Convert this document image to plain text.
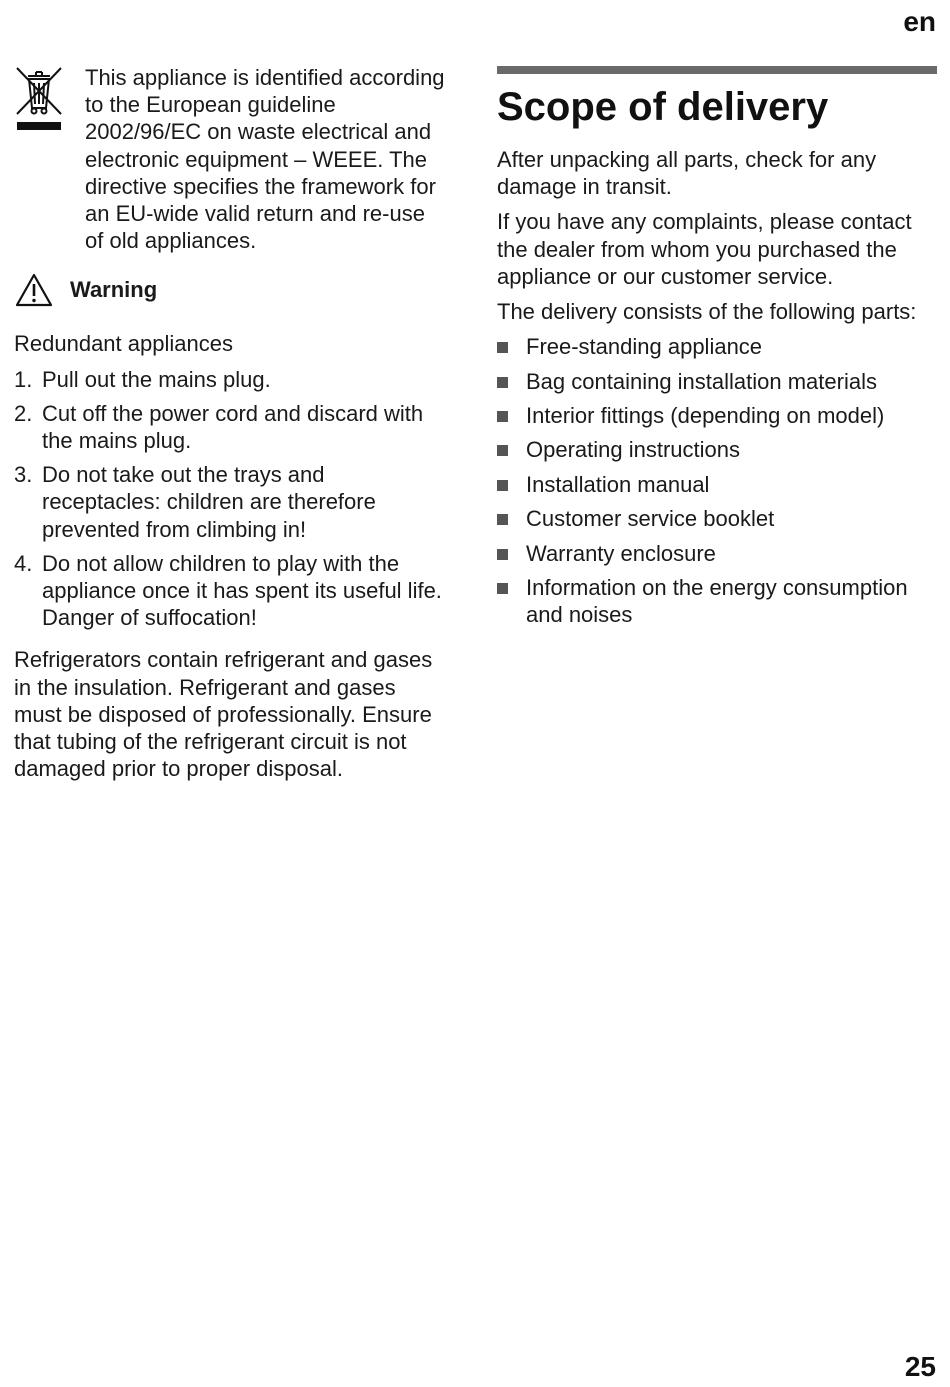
en
This appliance is identified according to the European guideline 2002/96/EC on waste electrical and electronic equipment – WEEE. The directive specifies the framework for an EU-wide valid return and re-use of old appliances.
Warning

Redundant appliances

1. Pull out the mains plug.
2. Cut off the power cord and discard with the mains plug.
3. Do not take out the trays and receptacles: children are therefore prevented from climbing in!
4. Do not allow children to play with the appliance once it has spent its useful life. Danger of suffocation!

Refrigerators contain refrigerant and gases in the insulation. Refrigerant and gases must be disposed of professionally. Ensure that tubing of the refrigerant circuit is not damaged prior to proper disposal.

Scope of delivery

After unpacking all parts, check for any damage in transit.

If you have any complaints, please contact the dealer from whom you purchased the appliance or our customer service.

The delivery consists of the following parts:

Free-standing appliance
Bag containing installation materials
Interior fittings (depending on model)
Operating instructions
Installation manual
Customer service booklet
Warranty enclosure
Information on the energy consumption and noises
25
